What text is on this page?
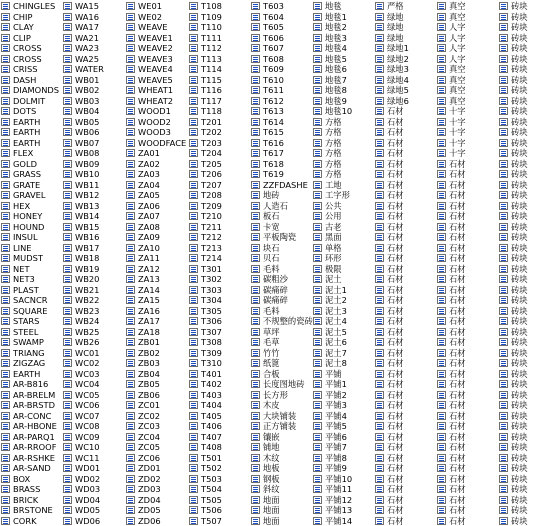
CHINGLES
CHIP
CLAY
CLIP
CROSS
CROSS
CRISS
DASH
DIAMONDS
DOLMIT
DOTS
EARTH
EARTH
EARTH
FLEX
GOLD
GRASS
GRATE
GRAVEL
HEX
HONEY
HOUND
INSUL
LINE
MUDST
NET
NET3
PLAST
SACNCR
SQUARE
STARS
STEEL
SWAMP
TRIANG
ZIGZAG
EARTH
AR-B816
AR-BRELM
AR-BRSTD
AR-CONC
AR-HBONE
AR-PARQ1
AR-RROOF
AR-RSHKE
AR-SAND
BOX
BRASS
BRICK
BRSTONE
CORK
WA15
WA16
WA17
WA21
WA23
WA25
WATER
WB01
WB02
WB03
WB04
WB05
WB06
WB07
WB08
WB09
WB10
WB11
WB12
WB13
WB14
WB15
WB16
WB17
WB18
WB19
WB20
WB21
WB22
WB23
WB24
WB25
WB26
WC01
WC02
WC03
WC04
WC05
WC06
WC07
WC08
WC09
WC10
WC11
WD01
WD02
WD03
WD04
WD05
WD06
WE01
WE02
WEAVE
WEAVE1
WEAVE2
WEAVE3
WEAVE4
WEAVE5
WHEAT1
WHEAT2
WOOD1
WOOD2
WOOD3
WOODFACE
ZA01
ZA02
ZA03
ZA04
ZA05
ZA06
ZA07
ZA08
ZA09
ZA10
ZA11
ZA12
ZA13
ZA14
ZA15
ZA16
ZA17
ZA18
ZB01
ZB02
ZB03
ZB04
ZB05
ZB06
ZC01
ZC02
ZC03
ZC04
ZC05
ZC06
ZD01
ZD02
ZD03
ZD04
ZD05
ZD06
T108
T109
T110
T111
T112
T113
T114
T115
T116
T117
T118
T201
T202
T203
T204
T205
T206
T207
T208
T209
T210
T211
T212
T213
T214
T301
T302
T303
T304
T305
T306
T307
T308
T309
T310
T401
T402
T403
T404
T405
T406
T407
T408
T501
T502
T503
T504
T505
T506
T507
T603
T604
T605
T606
T607
T608
T609
T610
T611
T612
T613
T614
T615
T616
T617
T618
T619
ZZFDASHE
地砖
人造石
板石
卡宽
平板陶瓷
块石
贝石
毛料
碳粗沙
碳痛碎
碳痛碎
毛料
不规整的瓷砖
草坪
毛草
竹竹
纸篦
合板
长度图地砖
长方形
木皮
大块铺装
正方铺装
镶嵌
铺地
木纹
地板
钢板
斜纹
地面
地面
地面
地毯
地毯1
地毯2
地毯3
地毯4
地毯5
地毯6
地毯7
地毯8
地毯9
地毯10
方格
方格
方格
方格
方格
方格
工地
工字形
公共
公用
古老
黑面
单格
环形
极限
泥土
泥土1
泥土2
泥土3
泥土4
泥土5
泥土6
泥土7
泥土8
平铺
平铺1
平铺2
平铺3
平铺4
平铺5
平铺6
平铺7
平铺8
平铺9
平铺10
平铺11
平铺12
平铺13
平铺14
严格
绿地
绿地
绿地
绿地1
绿地2
绿地3
绿地4
绿地5
绿地6
石材
石材
石材
石材
石材
石材
石材
石材
石材
石材
石材
石材
石材
石材
石材
石材
石材
石材
石材
石材
石材
石材
石材
石材
石材
石材
石材
石材
石材
石材
石材
石材
石材
石材
石材
石材
石材
石材
石材
石材
真空
真空
人字
人字
人字
人字
真空
真空
真空
真空
十字
十字
十字
十字
十字
石材
石材
石材
石材
石材
石材
石材
石材
石材
石材
石材
石材
石材
石材
石材
石材
石材
石材
石材
石材
石材
石材
石材
石材
石材
石材
石材
石材
石材
石材
石材
石材
石材
石材
石材
砖块
砖块
砖块
砖块
砖块
砖块
砖块
砖块
砖块
砖块
砖块
砖块
砖块
砖块
砖块
砖块
砖块
砖块
砖块
砖块
砖块
砖块
砖块
砖块
砖块
砖块
砖块
砖块
砖块
砖块
砖块
砖块
砖块
砖块
砖块
砖块
砖块
砖块
砖块
砖块
砖块
砖块
砖块
砖块
砖块
砖块
砖块
砖块
砖块
砖块
